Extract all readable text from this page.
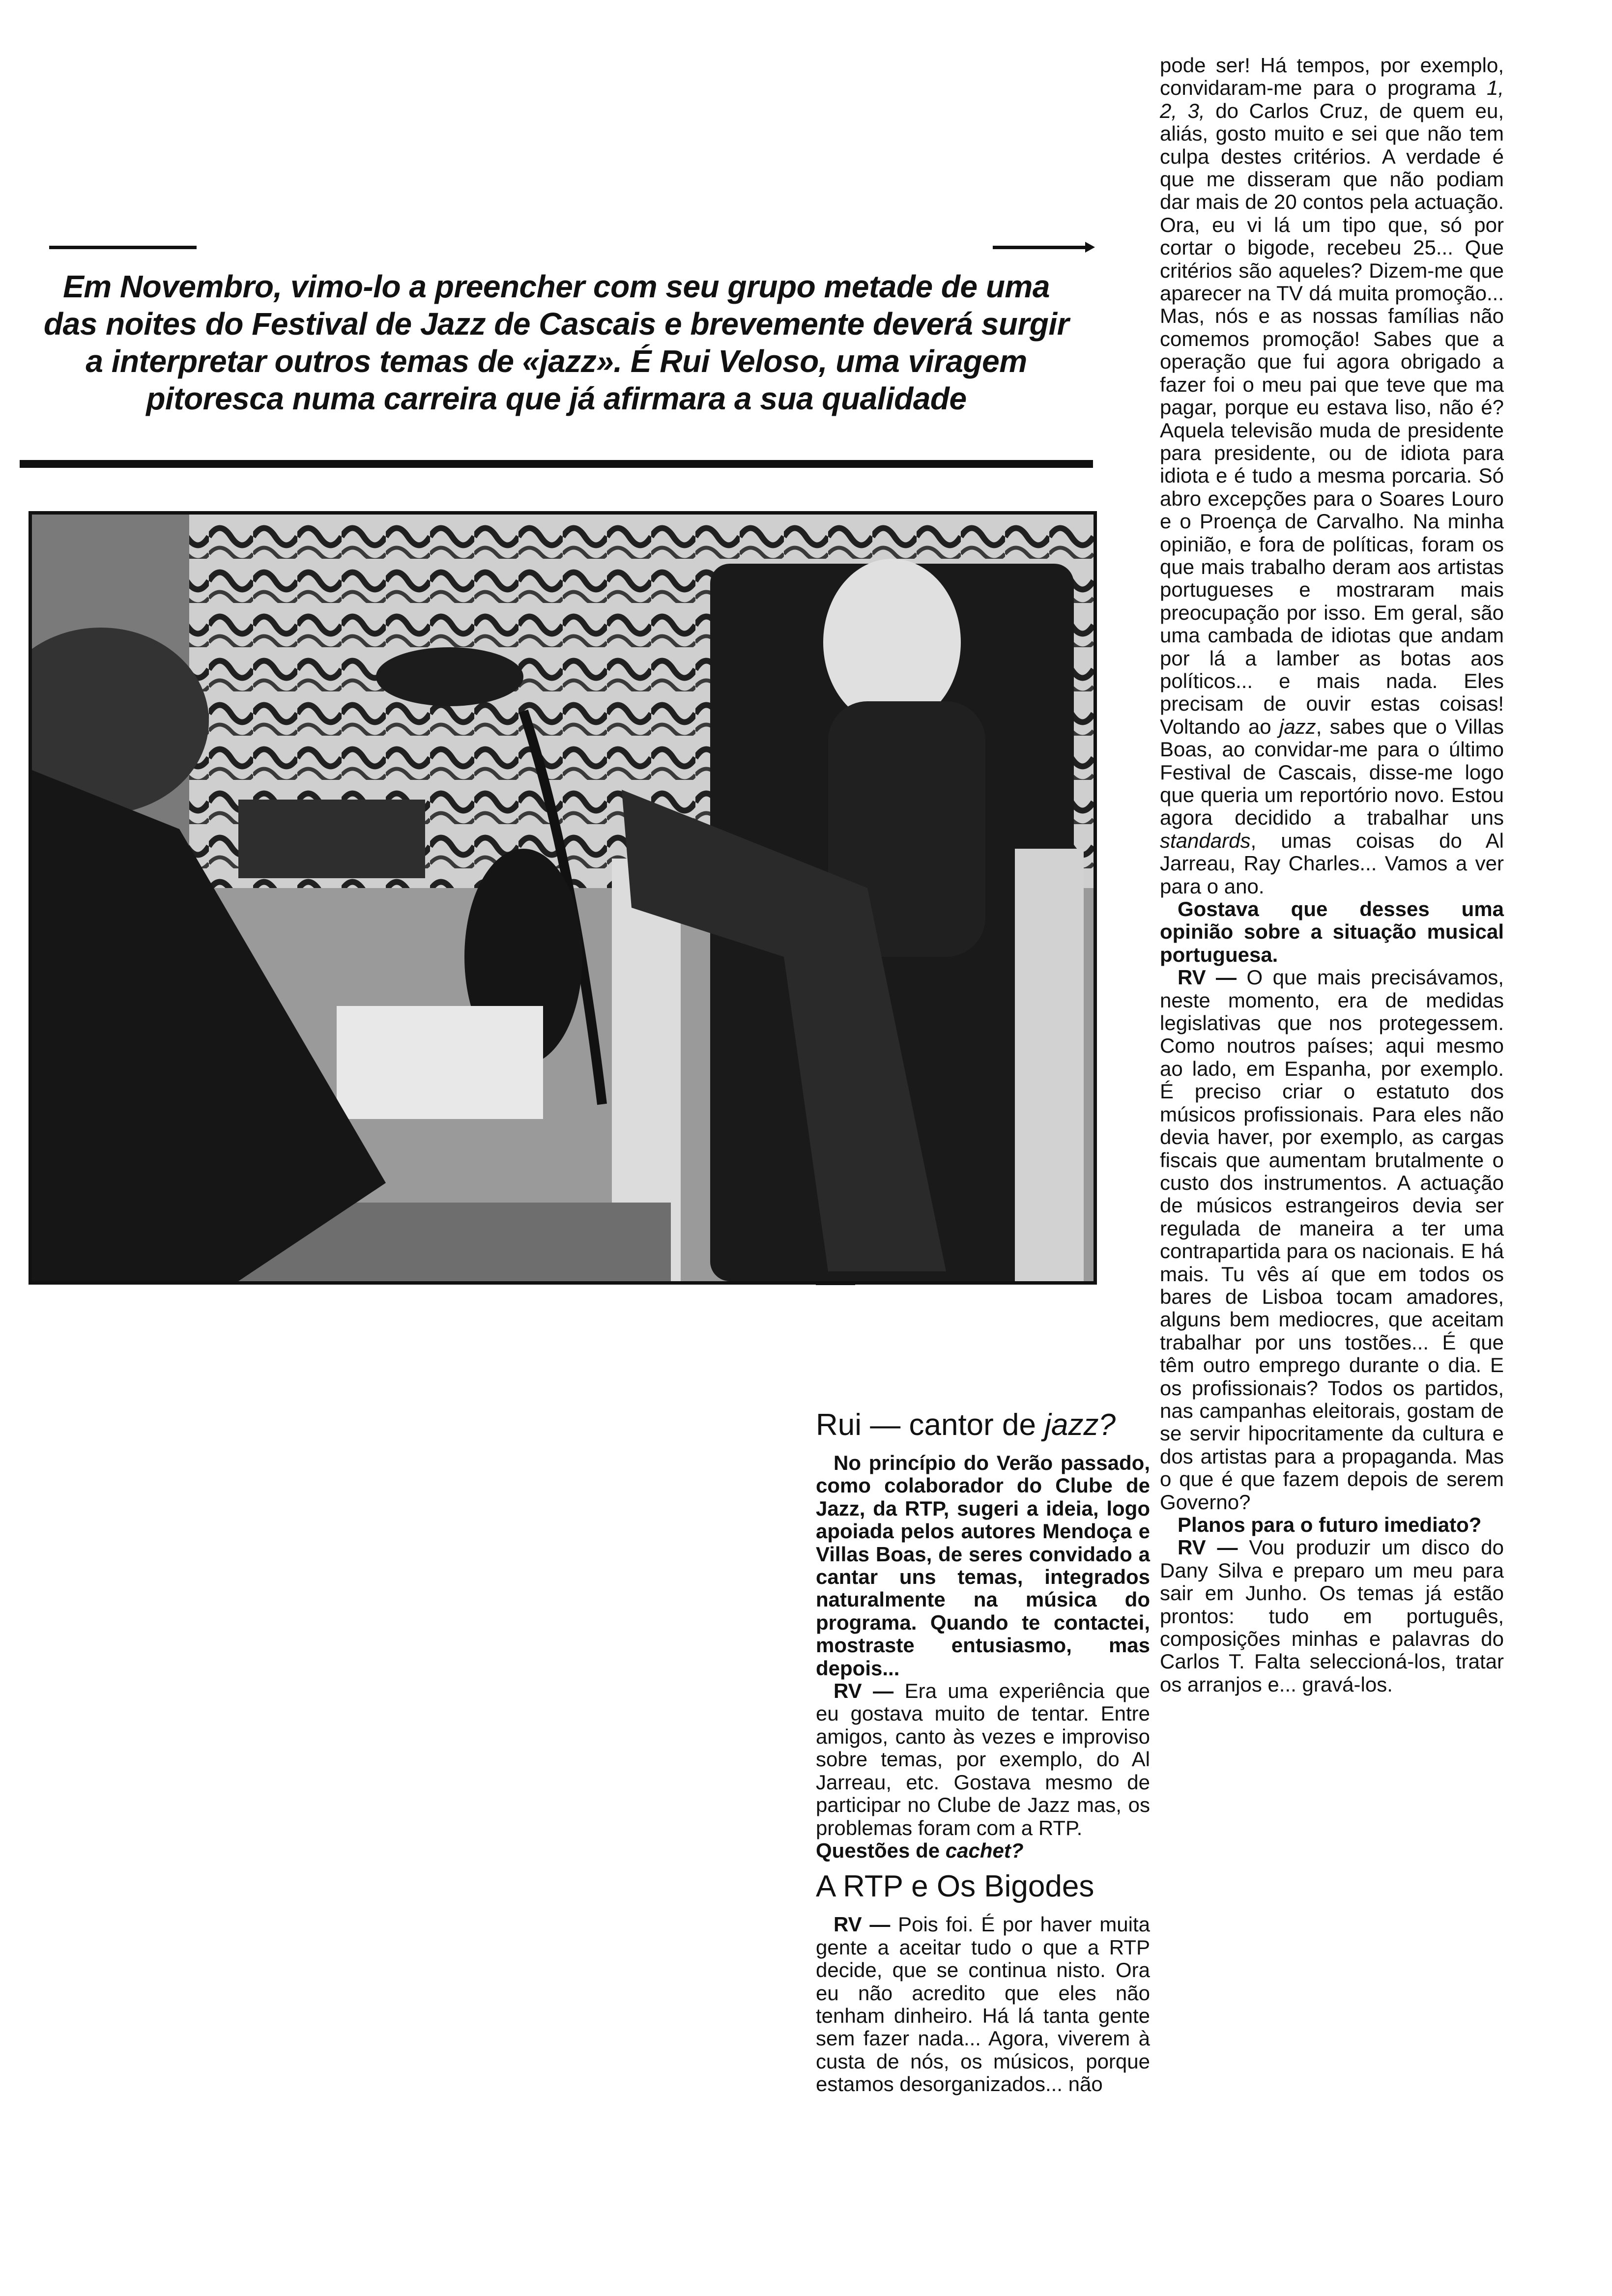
Em Novembro, vimo-lo a preencher com seu grupo metade de uma
das noites do Festival de Jazz de Cascais e brevemente deverá surgir
a interpretar outros temas de «jazz». É Rui Veloso, uma viragem
pitoresca numa carreira que já afirmara a sua qualidade

Rui — cantor de jazz?

No princípio do Verão passado, como colaborador do Clube de Jazz, da RTP, sugeri a ideia, logo apoiada pelos autores Mendoça e Villas Boas, de seres convidado a cantar uns temas, integrados naturalmente na música do programa. Quando te contactei, mostraste entusiasmo, mas depois...

RV — Era uma experiência que eu gostava muito de tentar. Entre amigos, canto às vezes e improviso sobre temas, por exemplo, do Al Jarreau, etc. Gostava mesmo de participar no Clube de Jazz mas, os problemas foram com a RTP.

Questões de cachet?

A RTP e Os Bigodes

RV — Pois foi. É por haver muita gente a aceitar tudo o que a RTP decide, que se continua nisto. Ora eu não acredito que eles não tenham dinheiro. Há lá tanta gente sem fazer nada... Agora, viverem à custa de nós, os músicos, porque estamos desorganizados... não

pode ser! Há tempos, por exemplo, convidaram-me para o programa 1, 2, 3, do Carlos Cruz, de quem eu, aliás, gosto muito e sei que não tem culpa destes critérios. A verdade é que me disseram que não podiam dar mais de 20 contos pela actuação. Ora, eu vi lá um tipo que, só por cortar o bigode, recebeu 25... Que critérios são aqueles? Dizem-me que aparecer na TV dá muita promoção... Mas, nós e as nossas famílias não comemos promoção! Sabes que a operação que fui agora obrigado a fazer foi o meu pai que teve que ma pagar, porque eu estava liso, não é? Aquela televisão muda de presidente para presidente, ou de idiota para idiota e é tudo a mesma porcaria. Só abro excepções para o Soares Louro e o Proença de Carvalho. Na minha opinião, e fora de políticas, foram os que mais trabalho deram aos artistas portugueses e mostraram mais preocupação por isso. Em geral, são uma cambada de idiotas que andam por lá a lamber as botas aos políticos... e mais nada. Eles precisam de ouvir estas coisas! Voltando ao jazz, sabes que o Villas Boas, ao convidar-me para o último Festival de Cascais, disse-me logo que queria um reportório novo. Estou agora decidido a trabalhar uns standards, umas coisas do Al Jarreau, Ray Charles... Vamos a ver para o ano.

Gostava que desses uma opinião sobre a situação musical portuguesa.

RV — O que mais precisávamos, neste momento, era de medidas legislativas que nos protegessem. Como noutros países; aqui mesmo ao lado, em Espanha, por exemplo. É preciso criar o estatuto dos músicos profissionais. Para eles não devia haver, por exemplo, as cargas fiscais que aumentam brutalmente o custo dos instrumentos. A actuação de músicos estrangeiros devia ser regulada de maneira a ter uma contrapartida para os nacionais. E há mais. Tu vês aí que em todos os bares de Lisboa tocam amadores, alguns bem mediocres, que aceitam trabalhar por uns tostões... É que têm outro emprego durante o dia. E os profissionais? Todos os partidos, nas campanhas eleitorais, gostam de se servir hipocritamente da cultura e dos artistas para a propaganda. Mas o que é que fazem depois de serem Governo?

Planos para o futuro imediato?

RV — Vou produzir um disco do Dany Silva e preparo um meu para sair em Junho. Os temas já estão prontos: tudo em português, composições minhas e palavras do Carlos T. Falta seleccioná-los, tratar os arranjos e... gravá-los.
